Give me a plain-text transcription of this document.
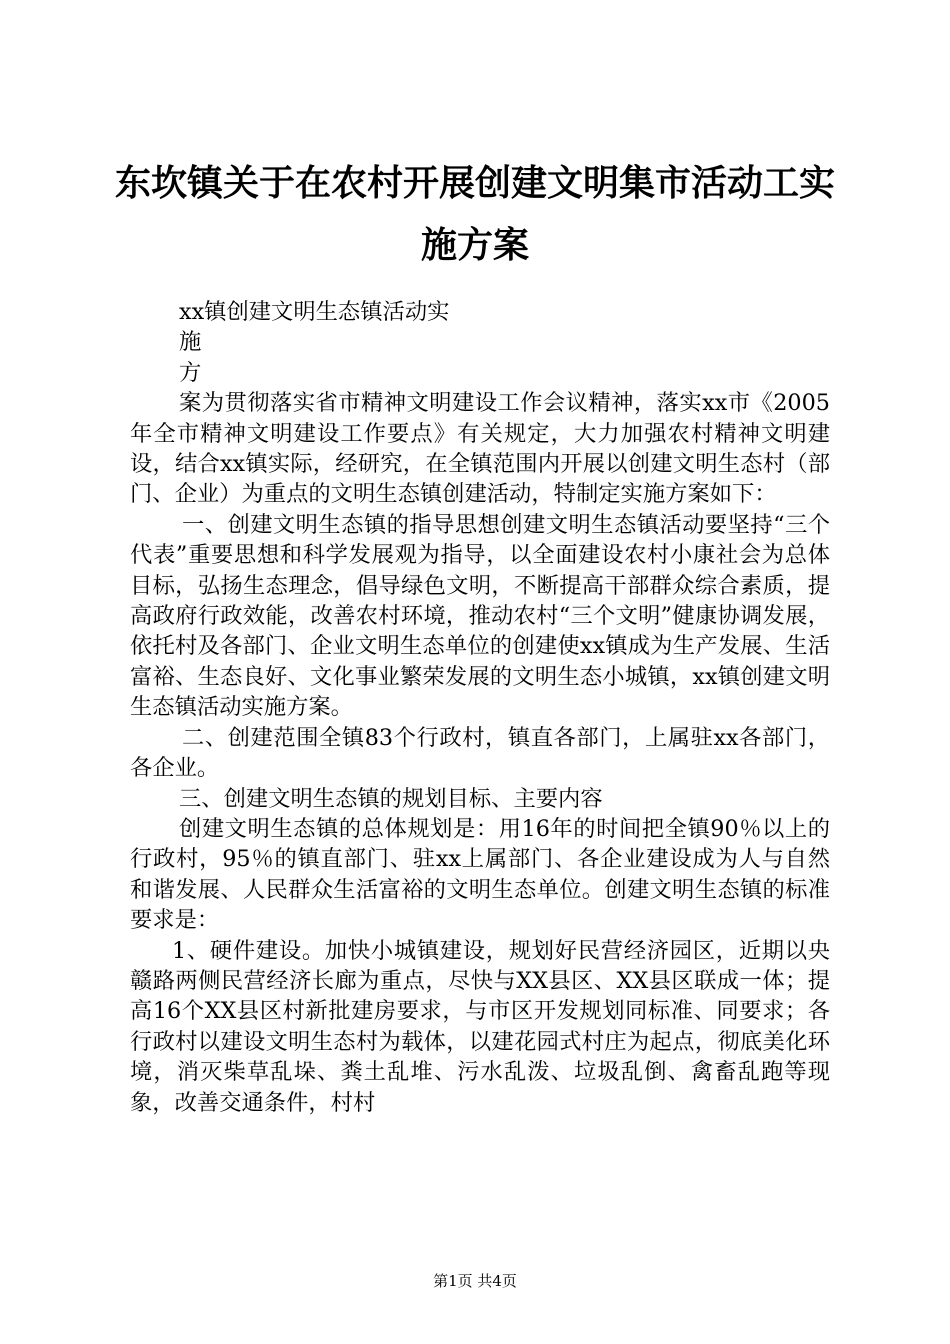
东坎镇关于在农村开展创建文明集市活动工实施方案

xx镇创建文明生态镇活动实

施

方

案为贯彻落实省市精神文明建设工作会议精神，落实xx市《2005年全市精神文明建设工作要点》有关规定，大力加强农村精神文明建设，结合xx镇实际，经研究，在全镇范围内开展以创建文明生态村（部门、企业）为重点的文明生态镇创建活动，特制定实施方案如下：

一、创建文明生态镇的指导思想创建文明生态镇活动要坚持“三个代表”重要思想和科学发展观为指导，以全面建设农村小康社会为总体目标，弘扬生态理念，倡导绿色文明，不断提高干部群众综合素质，提高政府行政效能，改善农村环境，推动农村“三个文明”健康协调发展，依托村及各部门、企业文明生态单位的创建使xx镇成为生产发展、生活富裕、生态良好、文化事业繁荣发展的文明生态小城镇，xx镇创建文明生态镇活动实施方案。

二、创建范围全镇83个行政村，镇直各部门，上属驻xx各部门，各企业。

三、创建文明生态镇的规划目标、主要内容

创建文明生态镇的总体规划是：用16年的时间把全镇90％以上的行政村，95％的镇直部门、驻xx上属部门、各企业建设成为人与自然和谐发展、人民群众生活富裕的文明生态单位。创建文明生态镇的标准要求是：

1、硬件建设。加快小城镇建设，规划好民营经济园区，近期以央赣路两侧民营经济长廊为重点，尽快与XX县区、XX县区联成一体；提高16个XX县区村新批建房要求，与市区开发规划同标准、同要求；各行政村以建设文明生态村为载体，以建花园式村庄为起点，彻底美化环境，消灭柴草乱垛、粪土乱堆、污水乱泼、垃圾乱倒、禽畜乱跑等现象，改善交通条件，村村

第1页 共4页
